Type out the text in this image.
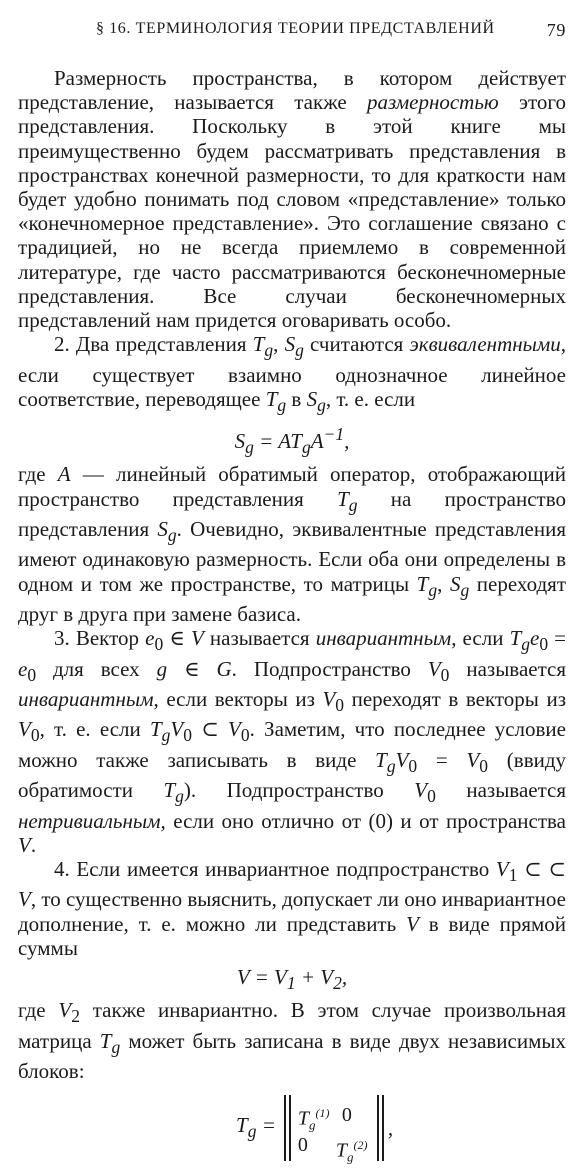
§ 16. ТЕРМИНОЛОГИЯ ТЕОРИИ ПРЕДСТАВЛЕНИЙ	79

Размерность пространства, в котором действует представление, называется также размерностью этого представления. Поскольку в этой книге мы преимущественно будем рассматривать представления в пространствах конечной размерности, то для краткости нам будет удобно понимать под словом «представление» только «конечномерное представление». Это соглашение связано с традицией, но не всегда приемлемо в современной литературе, где часто рассматриваются бесконечномерные представления. Все случаи бесконечномерных представлений нам придется оговаривать особо.

2. Два представления $T_g$, $S_g$ считаются эквивалентными, если существует взаимно однозначное линейное соответствие, переводящее $T_g$ в $S_g$, т. е. если

$S_g = AT_gA^{-1}$,

где A — линейный обратимый оператор, отображающий пространство представления $T_g$ на пространство представления $S_g$. Очевидно, эквивалентные представления имеют одинаковую размерность. Если оба они определены в одном и том же пространстве, то матрицы $T_g$, $S_g$ переходят друг в друга при замене базиса.

3. Вектор $e_0$ ∈ V называется инвариантным, если $T_ge_0 = e_0$ для всех g ∈ G. Подпространство $V_0$ называется инвариантным, если векторы из $V_0$ переходят в векторы из $V_0$, т. е. если $T_gV_0$ ⊂ $V_0$. Заметим, что последнее условие можно также записывать в виде $T_gV_0 = V_0$ (ввиду обратимости $T_g$). Подпространство $V_0$ называется нетривиальным, если оно отлично от (0) и от пространства V.

4. Если имеется инвариантное подпространство $V_1$ ⊂ ⊂ V, то существенно выяснить, допускает ли оно инвариантное дополнение, т. е. можно ли представить V в виде прямой суммы

$V = V_1 + V_2$,

где $V_2$ также инвариантно. В этом случае произвольная матрица $T_g$ может быть записана в виде двух независимых блоков:

$T_g = T_g^{(1)}$ 0
0 $T_g^{(2)}$
,
